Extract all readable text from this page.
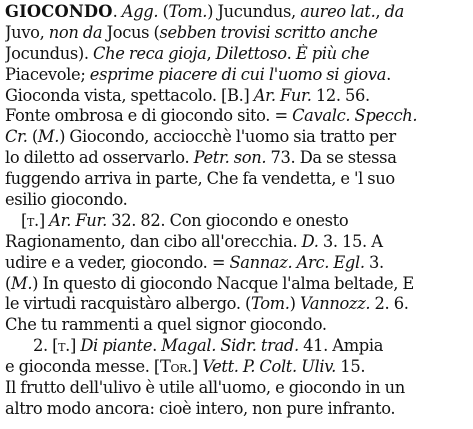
GIOCONDO. Agg. (Tom.) Jucundus, aureo lat., da
Juvo, non da Jocus (sebben trovisi scritto anche
Jocundus). Che reca gioja, Dilettoso. È più che
Piacevole; esprime piacere di cui l'uomo si giova.
Gioconda vista, spettacolo. [B.] Ar. Fur. 12. 56.
Fonte ombrosa e di giocondo sito. = Cavalc. Specch.
Cr. (M.) Giocondo, acciocchè l'uomo sia tratto per
lo diletto ad osservarlo. Petr. son. 73. Da se stessa
fuggendo arriva in parte, Che fa vendetta, e 'l suo
esilio giocondo.
[t.] Ar. Fur. 32. 82. Con giocondo e onesto
Ragionamento, dan cibo all'orecchia. D. 3. 15. A
udire e a veder, giocondo. = Sannaz. Arc. Egl. 3.
(M.) In questo di giocondo Nacque l'alma beltade, E
le virtudi racquistàro albergo. (Tom.) Vannozz. 2. 6.
Che tu rammenti a quel signor giocondo.
2. [t.] Di piante. Magal. Sidr. trad. 41. Ampia
e gioconda messe. [Tor.] Vett. P. Colt. Uliv. 15.
Il frutto dell'ulivo è utile all'uomo, e giocondo in un
altro modo ancora: cioè intero, non pure infranto.
